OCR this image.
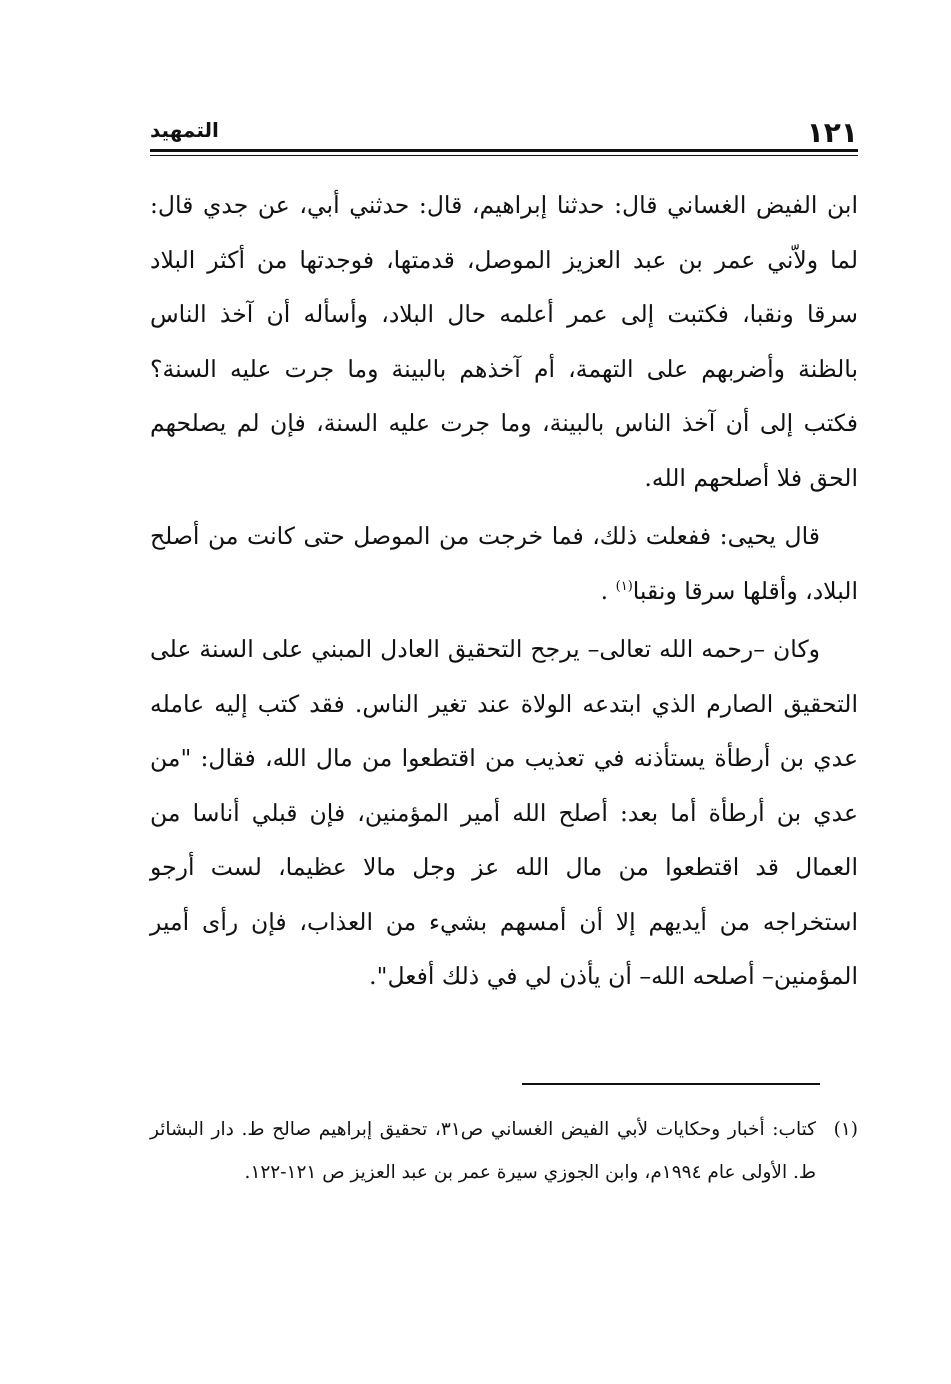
١٢١
التمهيد

ابن الفيض الغساني قال: حدثنا إبراهيم، قال: حدثني أبي، عن جدي قال: لما ولاّني عمر بن عبد العزيز الموصل، قدمتها، فوجدتها من أكثر البلاد سرقا ونقبا، فكتبت إلى عمر أعلمه حال البلاد، وأسأله أن آخذ الناس بالظنة وأضربهم على التهمة، أم آخذهم بالبينة وما جرت عليه السنة؟ فكتب إلى أن آخذ الناس بالبينة، وما جرت عليه السنة، فإن لم يصلحهم الحق فلا أصلحهم الله.

قال يحيى: ففعلت ذلك، فما خرجت من الموصل حتى كانت من أصلح البلاد، وأقلها سرقا ونقبا$^{(١)}$ .

وكان –رحمه الله تعالى– يرجح التحقيق العادل المبني على السنة على التحقيق الصارم الذي ابتدعه الولاة عند تغير الناس. فقد كتب إليه عامله عدي بن أرطأة يستأذنه في تعذيب من اقتطعوا من مال الله، فقال: "من عدي بن أرطأة أما بعد: أصلح الله أمير المؤمنين، فإن قبلي أناسا من العمال قد اقتطعوا من مال الله عز وجل مالا عظيما، لست أرجو استخراجه من أيديهم إلا أن أمسهم بشيء من العذاب، فإن رأى أمير المؤمنين– أصلحه الله– أن يأذن لي في ذلك أفعل".

(١)
كتاب: أخبار وحكايات لأبي الفيض الغساني ص٣١، تحقيق إبراهيم صالح ط. دار البشائر ط. الأولى عام ١٩٩٤م، وابن الجوزي سيرة عمر بن عبد العزيز ص ١٢١-١٢٢.
